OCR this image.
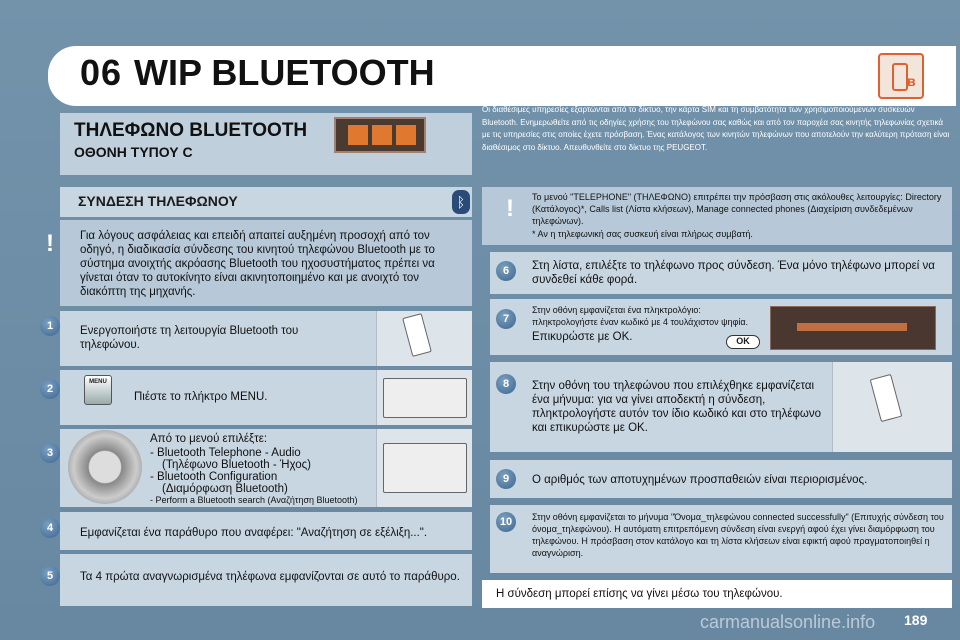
06 WIP BLUETOOTH	ʙ
ΤΗΛΕΦΩΝΟ BLUETOOTH
ΟΘΟΝΗ ΤΥΠΟΥ C
Οι διαθέσιμες υπηρεσίες εξαρτώνται από το δίκτυο, την κάρτα SIM και τη συμβατότητα των χρησιμοποιούμενων συσκευών Bluetooth. Ενημερωθείτε από τις οδηγίες χρήσης του τηλεφώνου σας καθώς και από τον παροχέα σας κινητής τηλεφωνίας σχετικά με τις υπηρεσίες στις οποίες έχετε πρόσβαση. Ένας κατάλογος των κινητών τηλεφώνων που αποτελούν την καλύτερη πρόταση είναι διαθέσιμος στο δίκτυο. Απευθυνθείτε στο δίκτυο της PEUGEOT.
ΣΥΝΔΕΣΗ ΤΗΛΕΦΩΝΟΥ	ᛒ
!	Για λόγους ασφάλειας και επειδή απαιτεί αυξημένη προσοχή από τον οδηγό, η διαδικασία σύνδεσης του κινητού τηλεφώνου Bluetooth με το σύστημα ανοιχτής ακρόασης Bluetooth του ηχοσυστήματος πρέπει να γίνεται όταν το αυτοκίνητο είναι ακινητοποιημένο και με ανοιχτό τον διακόπτη της μηχανής.
1	Ενεργοποιήστε τη λειτουργία Bluetooth του τηλεφώνου.
2
MENU
Πιέστε το πλήκτρο MENU.
3
Από το μενού επιλέξτε:
- Bluetooth Telephone - Audio
(Τηλέφωνο Bluetooth - Ήχος)
- Bluetooth Configuration
(Διαμόρφωση Bluetooth)
- Perform a Bluetooth search (Αναζήτηση Bluetooth)
4	Εμφανίζεται ένα παράθυρο που αναφέρει: "Αναζήτηση σε εξέλιξη...".
5	Τα 4 πρώτα αναγνωρισμένα τηλέφωνα εμφανίζονται σε αυτό το παράθυρο.
!	Το μενού "TELEPHONE" (ΤΗΛΕΦΩΝΟ) επιτρέπει την πρόσβαση στις ακόλουθες λειτουργίες: Directory (Κατάλογος)*, Calls list (Λίστα κλήσεων), Manage connected phones (Διαχείριση συνδεδεμένων τηλεφώνων).
* Αν η τηλεφωνική σας συσκευή είναι πλήρως συμβατή.
6	Στη λίστα, επιλέξτε το τηλέφωνο προς σύνδεση. Ένα μόνο τηλέφωνο μπορεί να συνδεθεί κάθε φορά.
7
Στην οθόνη εμφανίζεται ένα πληκτρολόγιο: πληκτρολογήστε έναν κωδικό με 4 τουλάχιστον ψηφία.
Επικυρώστε με OK.	OK
8	Στην οθόνη του τηλεφώνου που επιλέχθηκε εμφανίζεται ένα μήνυμα: για να γίνει αποδεκτή η σύνδεση, πληκτρολογήστε αυτόν τον ίδιο κωδικό και στο τηλέφωνο και επικυρώστε με OK.
9	Ο αριθμός των αποτυχημένων προσπαθειών είναι περιορισμένος.
10	Στην οθόνη εμφανίζεται το μήνυμα "Όνομα_τηλεφώνου connected successfully" (Επιτυχής σύνδεση του όνομα_τηλεφώνου). Η αυτόματη επιτρεπόμενη σύνδεση είναι ενεργή αφού έχει γίνει διαμόρφωση του τηλεφώνου. Η πρόσβαση στον κατάλογο και τη λίστα κλήσεων είναι εφικτή αφού πραγματοποιηθεί η αναγνώριση.
Η σύνδεση μπορεί επίσης να γίνει μέσω του τηλεφώνου.
carmanualsonline.info 189
